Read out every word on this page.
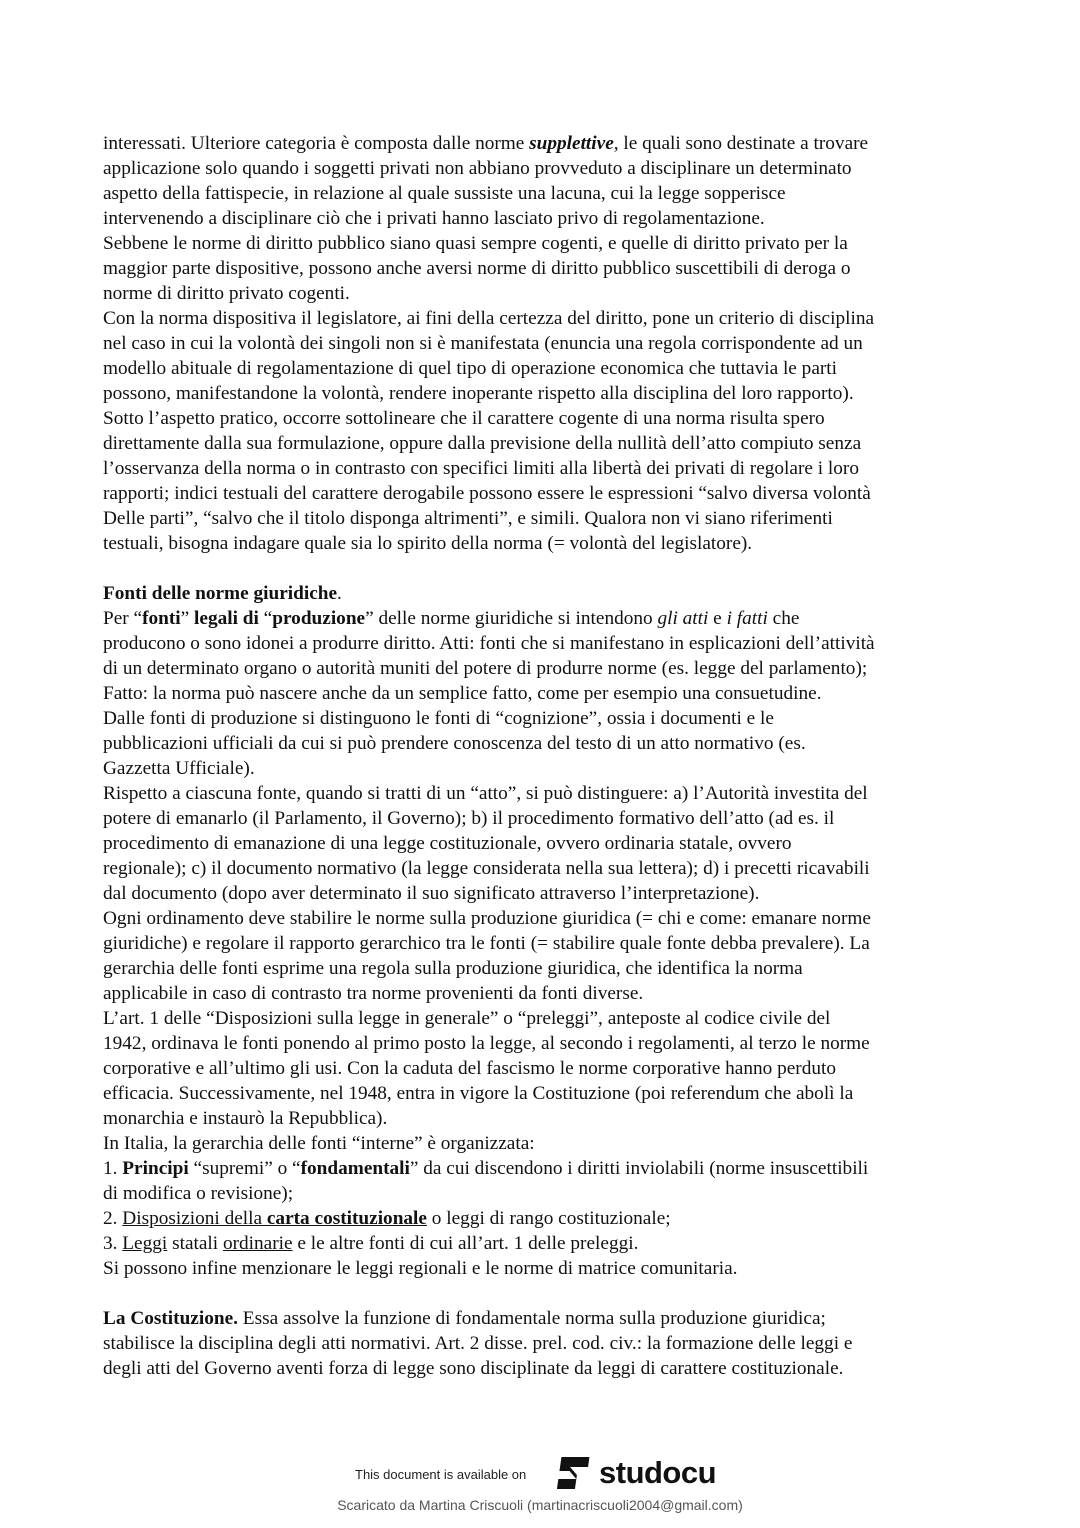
interessati. Ulteriore categoria è composta dalle norme supplettive, le quali sono destinate a trovare
applicazione solo quando i soggetti privati non abbiano provveduto a disciplinare un determinato
aspetto della fattispecie, in relazione al quale sussiste una lacuna, cui la legge sopperisce
intervenendo a disciplinare ciò che i privati hanno lasciato privo di regolamentazione.
Sebbene le norme di diritto pubblico siano quasi sempre cogenti, e quelle di diritto privato per la
maggior parte dispositive, possono anche aversi norme di diritto pubblico suscettibili di deroga o
norme di diritto privato cogenti.
Con la norma dispositiva il legislatore, ai fini della certezza del diritto, pone un criterio di disciplina
nel caso in cui la volontà dei singoli non si è manifestata (enuncia una regola corrispondente ad un
modello abituale di regolamentazione di quel tipo di operazione economica che tuttavia le parti
possono, manifestandone la volontà, rendere inoperante rispetto alla disciplina del loro rapporto).
Sotto l’aspetto pratico, occorre sottolineare che il carattere cogente di una norma risulta spero
direttamente dalla sua formulazione, oppure dalla previsione della nullità dell’atto compiuto senza
l’osservanza della norma o in contrasto con specifici limiti alla libertà dei privati di regolare i loro
rapporti; indici testuali del carattere derogabile possono essere le espressioni “salvo diversa volontà
Delle parti”, “salvo che il titolo disponga altrimenti”, e simili. Qualora non vi siano riferimenti
testuali, bisogna indagare quale sia lo spirito della norma (= volontà del legislatore).
Fonti delle norme giuridiche.
Per “fonti” legali di “produzione” delle norme giuridiche si intendono gli atti e i fatti che
producono o sono idonei a produrre diritto. Atti: fonti che si manifestano in esplicazioni dell’attività
di un determinato organo o autorità muniti del potere di produrre norme (es. legge del parlamento);
Fatto: la norma può nascere anche da un semplice fatto, come per esempio una consuetudine.
Dalle fonti di produzione si distinguono le fonti di “cognizione”, ossia i documenti e le
pubblicazioni ufficiali da cui si può prendere conoscenza del testo di un atto normativo (es.
Gazzetta Ufficiale).
Rispetto a ciascuna fonte, quando si tratti di un “atto”, si può distinguere: a) l’Autorità investita del
potere di emanarlo (il Parlamento, il Governo); b) il procedimento formativo dell’atto (ad es. il
procedimento di emanazione di una legge costituzionale, ovvero ordinaria statale, ovvero
regionale); c) il documento normativo (la legge considerata nella sua lettera); d) i precetti ricavabili
dal documento (dopo aver determinato il suo significato attraverso l’interpretazione).
Ogni ordinamento deve stabilire le norme sulla produzione giuridica (= chi e come: emanare norme
giuridiche) e regolare il rapporto gerarchico tra le fonti (= stabilire quale fonte debba prevalere). La
gerarchia delle fonti esprime una regola sulla produzione giuridica, che identifica la norma
applicabile in caso di contrasto tra norme provenienti da fonti diverse.
L’art. 1 delle “Disposizioni sulla legge in generale” o “preleggi”, anteposte al codice civile del
1942, ordinava le fonti ponendo al primo posto la legge, al secondo i regolamenti, al terzo le norme
corporative e all’ultimo gli usi. Con la caduta del fascismo le norme corporative hanno perduto
efficacia. Successivamente, nel 1948, entra in vigore la Costituzione (poi referendum che abolì la
monarchia e instaurò la Repubblica).
In Italia, la gerarchia delle fonti “interne” è organizzata:
1. Principi “supremi” o “fondamentali” da cui discendono i diritti inviolabili (norme insuscettibili
di modifica o revisione);
2. Disposizioni della carta costituzionale o leggi di rango costituzionale;
3. Leggi statali ordinarie e le altre fonti di cui all’art. 1 delle preleggi.
Si possono infine menzionare le leggi regionali e le norme di matrice comunitaria.
La Costituzione. Essa assolve la funzione di fondamentale norma sulla produzione giuridica;
stabilisce la disciplina degli atti normativi. Art. 2 disse. prel. cod. civ.: la formazione delle leggi e
degli atti del Governo aventi forza di legge sono disciplinate da leggi di carattere costituzionale.
This document is available on studocu
Scaricato da Martina Criscuoli (martinacriscuoli2004@gmail.com)
